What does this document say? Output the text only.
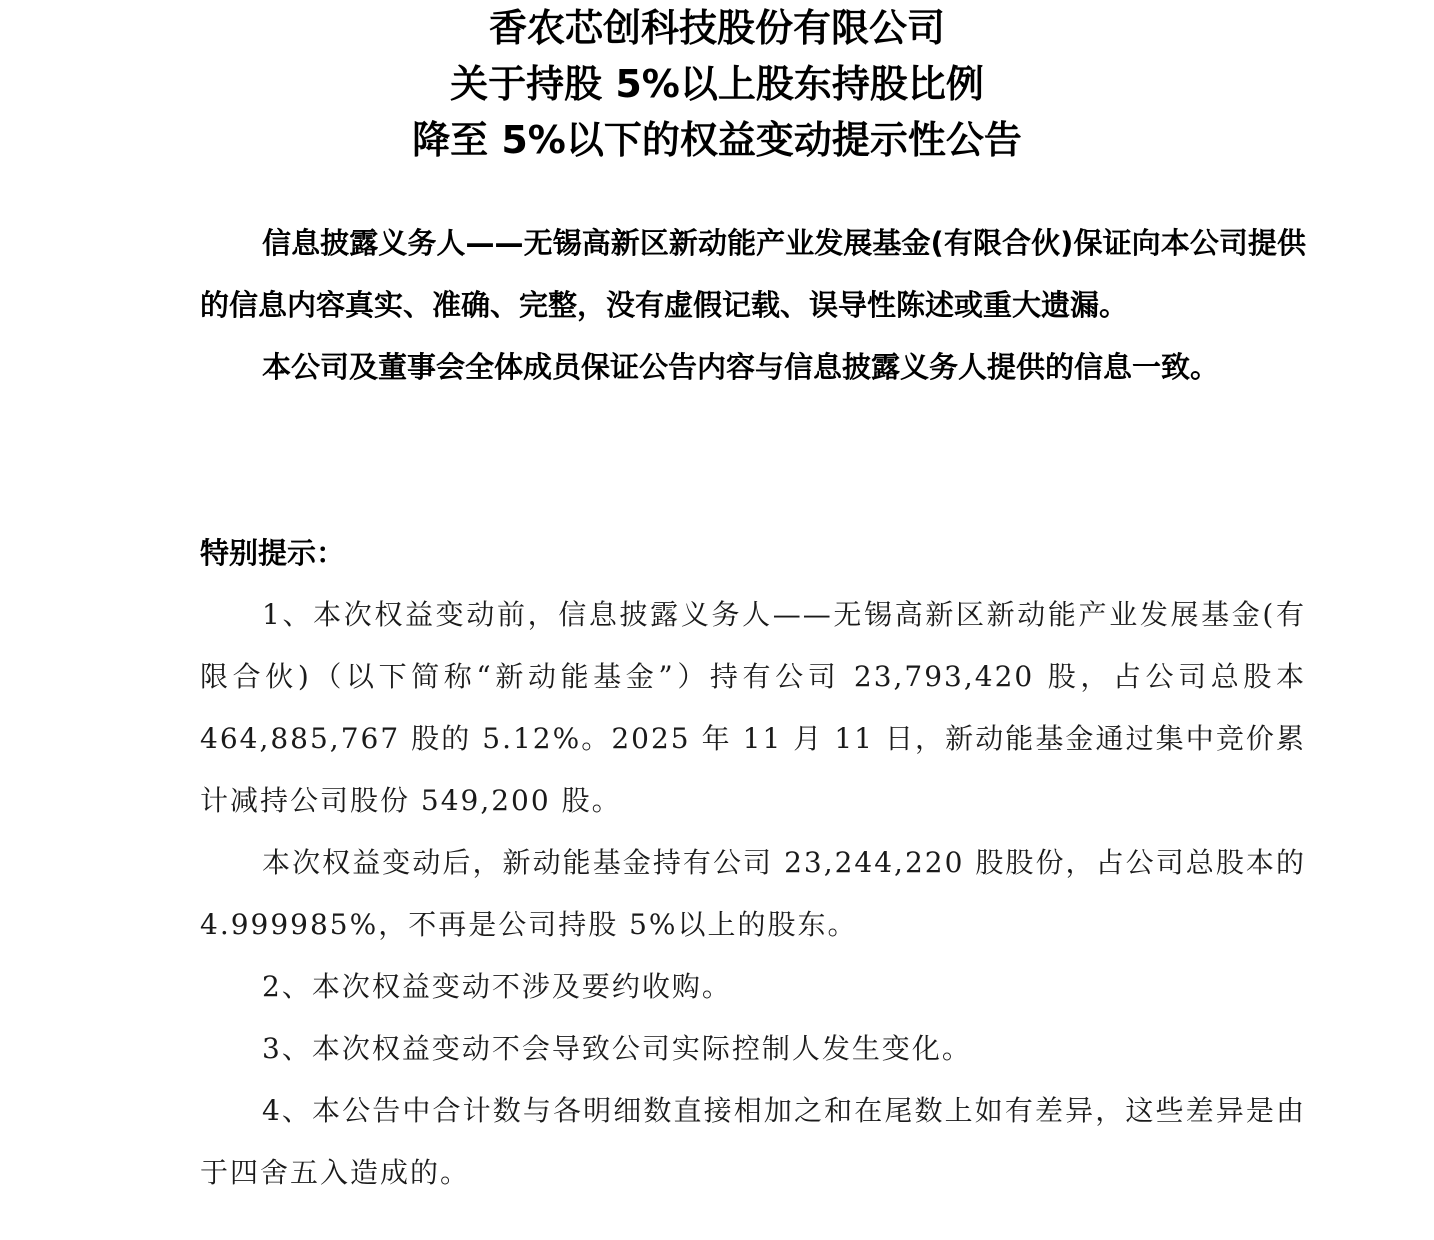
香农芯创科技股份有限公司
关于持股 5%以上股东持股比例
降至 5%以下的权益变动提示性公告

信息披露义务人——无锡高新区新动能产业发展基金(有限合伙)保证向本公司提供的信息内容真实、准确、完整，没有虚假记载、误导性陈述或重大遗漏。

本公司及董事会全体成员保证公告内容与信息披露义务人提供的信息一致。

特别提示：

1、本次权益变动前，信息披露义务人——无锡高新区新动能产业发展基金(有限合伙)（以下简称“新动能基金”）持有公司 23,793,420 股，占公司总股本 464,885,767 股的 5.12%。2025 年 11 月 11 日，新动能基金通过集中竞价累计减持公司股份 549,200 股。

本次权益变动后，新动能基金持有公司 23,244,220 股股份，占公司总股本的 4.999985%，不再是公司持股 5%以上的股东。

2、本次权益变动不涉及要约收购。

3、本次权益变动不会导致公司实际控制人发生变化。

4、本公告中合计数与各明细数直接相加之和在尾数上如有差异，这些差异是由于四舍五入造成的。
